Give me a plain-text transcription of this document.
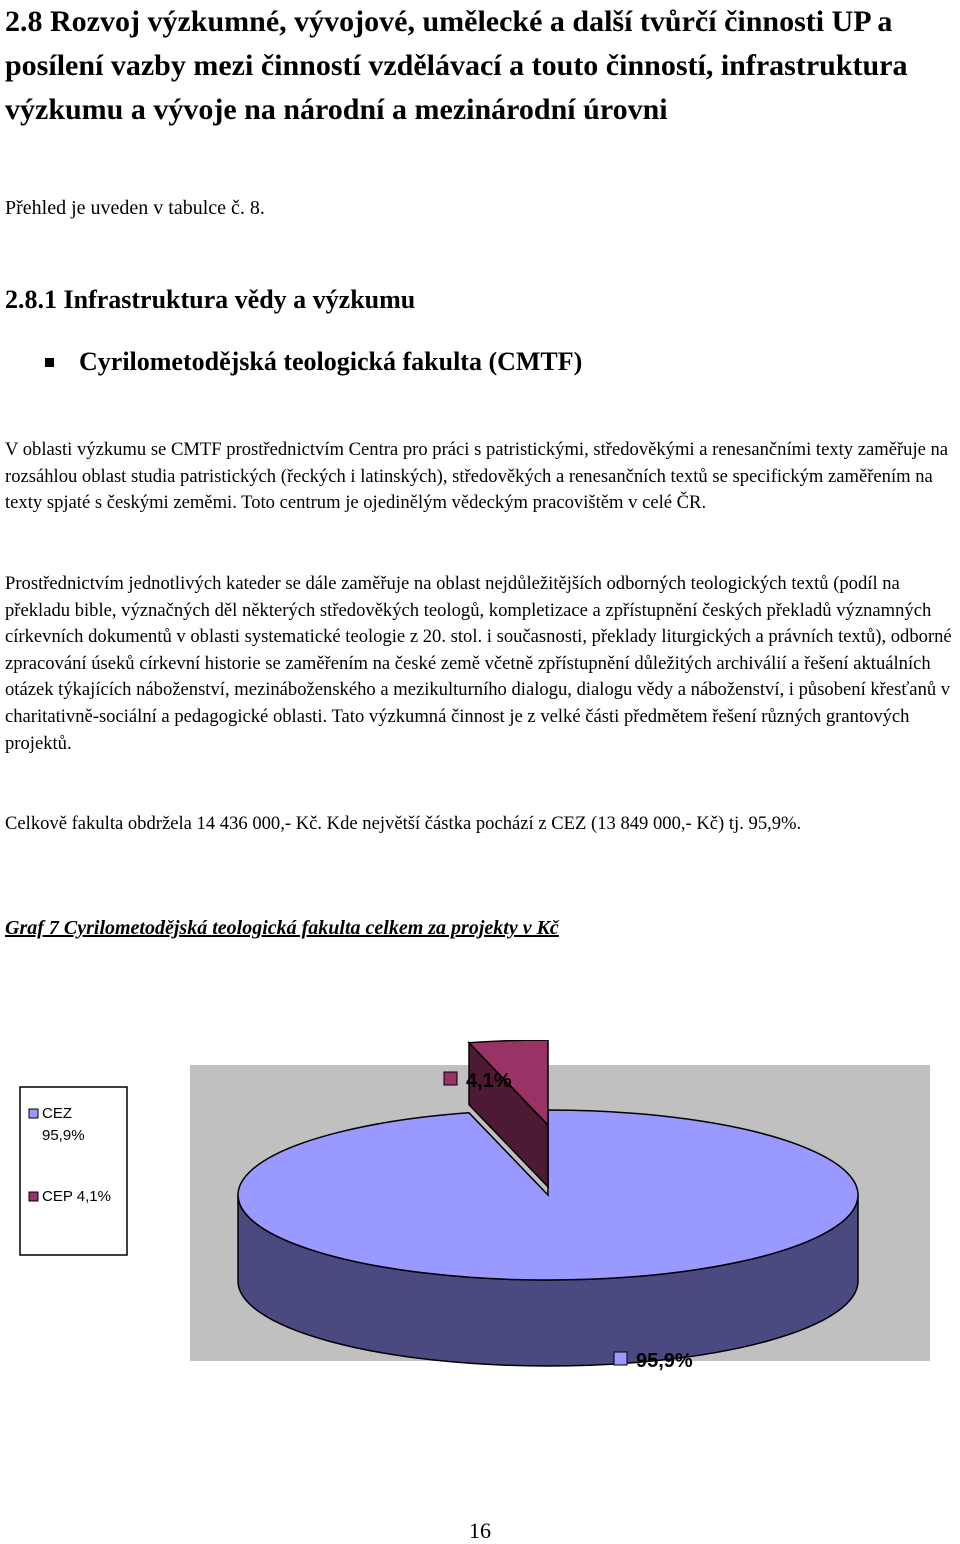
2.8 Rozvoj výzkumné, vývojové, umělecké a další tvůrčí činnosti UP a posílení vazby mezi činností vzdělávací a touto činností, infrastruktura výzkumu a vývoje na národní a mezinárodní úrovni
Přehled je uveden v tabulce č. 8.
2.8.1 Infrastruktura vědy a výzkumu
Cyrilometodějská teologická fakulta (CMTF)

V oblasti výzkumu se CMTF prostřednictvím Centra pro práci s patristickými, středověkými a renesančními texty zaměřuje na rozsáhlou oblast studia patristických (řeckých i latinských), středověkých a renesančních textů se specifickým zaměřením na texty spjaté s českými zeměmi. Toto centrum je ojedinělým vědeckým pracovištěm v celé ČR.

Prostřednictvím jednotlivých kateder se dále zaměřuje na oblast nejdůležitějších odborných teologických textů (podíl na překladu bible, význačných děl některých středověkých teologů, kompletizace a zpřístupnění českých překladů významných církevních dokumentů v oblasti systematické teologie z 20. stol. i současnosti, překlady liturgických a právních textů), odborné zpracování úseků církevní historie se zaměřením na české země včetně zpřístupnění důležitých archiválií a řešení aktuálních otázek týkajících náboženství, mezináboženského a mezikulturního dialogu, dialogu vědy a náboženství, i působení křesťanů v charitativně-sociální a pedagogické oblasti. Tato výzkumná činnost je z velké části předmětem řešení různých grantových projektů.

Celkově fakulta obdržela 14 436 000,- Kč. Kde největší částka pochází z CEZ (13 849 000,- Kč) tj. 95,9%.

Graf 7 Cyrilometodějská teologická fakulta celkem za projekty v Kč
CEZ 95,9%
CEP 4,1%
95,9%
4,1%
16
